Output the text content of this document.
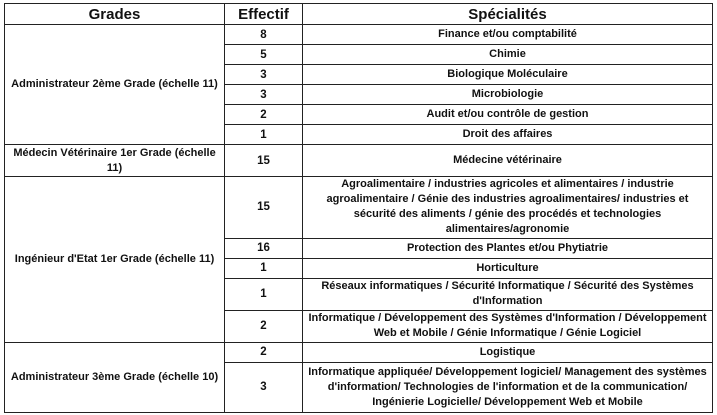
Grades	Effectif	Spécialités
Administrateur 2ème Grade (échelle 11)	8	Finance et/ou comptabilité
	5	Chimie
	3	Biologique Moléculaire
	3	Microbiologie
	2	Audit et/ou contrôle de gestion
	1	Droit des affaires
Médecin Vétérinaire 1er Grade (échelle 11)	15	Médecine vétérinaire
Ingénieur d'Etat 1er Grade (échelle 11)	15	Agroalimentaire / industries agricoles et alimentaires / industrie agroalimentaire / Génie des industries agroalimentaires/ industries et sécurité des aliments / génie des procédés et technologies alimentaires/agronomie
	16	Protection des Plantes et/ou Phytiatrie
	1	Horticulture
	1	Réseaux informatiques / Sécurité Informatique / Sécurité des Systèmes d'Information
	2	Informatique / Développement des Systèmes d'Information / Développement Web et Mobile / Génie Informatique / Génie Logiciel
Administrateur 3ème Grade (échelle 10)	2	Logistique
	3	Informatique appliquée/ Développement logiciel/ Management des systèmes d'information/ Technologies de l'information et de la communication/ Ingénierie Logicielle/ Développement Web et Mobile
